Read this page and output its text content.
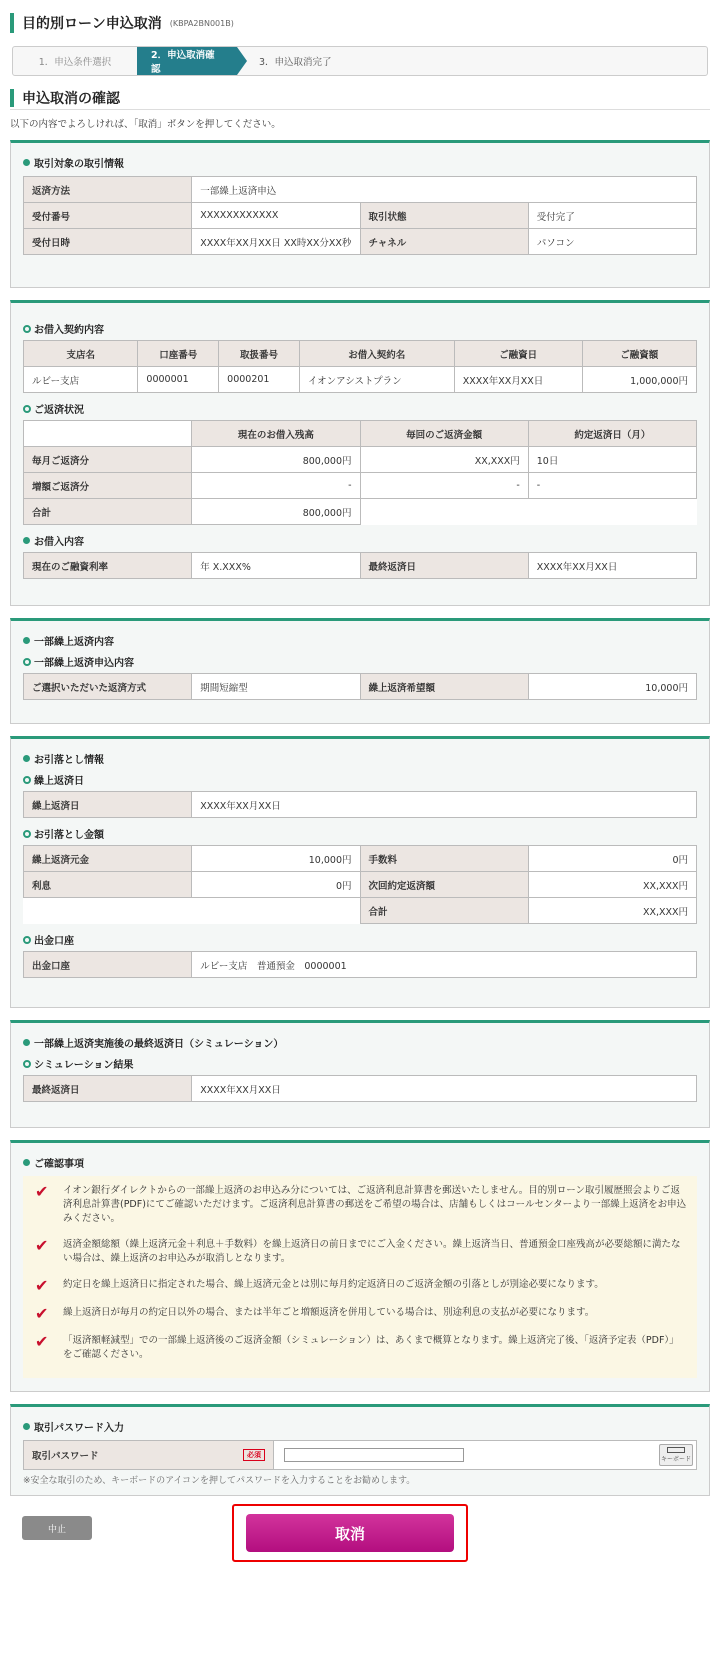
目的別ローン申込取消 (KBPA2BN001B)
1．申込条件選択
2．申込取消確認
3．申込取消完了
申込取消の確認
以下の内容でよろしければ、「取消」ボタンを押してください。
取引対象の取引情報
返済方法	一部繰上返済申込		
受付番号	XXXXXXXXXXXX	取引状態	受付完了
受付日時	XXXX年XX月XX日 XX時XX分XX秒	チャネル	パソコン
お借入契約内容
支店名	口座番号	取扱番号	お借入契約名	ご融資日	ご融資額
ルビー支店	0000001	0000201	イオンアシストプラン	XXXX年XX月XX日	1,000,000円
ご返済状況
	現在のお借入残高	毎回のご返済金額	約定返済日（月）
毎月ご返済分	800,000円	XX,XXX円	10日
増額ご返済分	-	-	-
合計	800,000円		
お借入内容
現在のご融資利率	年 X.XXX%	最終返済日	XXXX年XX月XX日
一部繰上返済内容
一部繰上返済申込内容
ご選択いただいた返済方式	期間短縮型	繰上返済希望額	10,000円
お引落とし情報
繰上返済日
繰上返済日	XXXX年XX月XX日
お引落とし金額
繰上返済元金	10,000円	手数料	0円
利息	0円	次回約定返済額	XX,XXX円
		合計	XX,XXX円
出金口座
出金口座	ルビー支店　普通預金　0000001
一部繰上返済実施後の最終返済日（シミュレーション）
シミュレーション結果
最終返済日	XXXX年XX月XX日
ご確認事項
✔	イオン銀行ダイレクトからの一部繰上返済のお申込み分については、ご返済利息計算書を郵送いたしません。目的別ローン取引履歴照会よりご返済利息計算書(PDF)にてご確認いただけます。ご返済利息計算書の郵送をご希望の場合は、店舗もしくはコールセンターより一部繰上返済をお申込みください。
✔	返済金額総額（繰上返済元金＋利息＋手数料）を繰上返済日の前日までにご入金ください。繰上返済当日、普通預金口座残高が必要総額に満たない場合は、繰上返済のお申込みが取消しとなります。
✔	約定日を繰上返済日に指定された場合、繰上返済元金とは別に毎月約定返済日のご返済金額の引落としが別途必要になります。
✔	繰上返済日が毎月の約定日以外の場合、または半年ごと増額返済を併用している場合は、別途利息の支払が必要になります。
✔	「返済額軽減型」での一部繰上返済後のご返済金額（シミュレーション）は、あくまで概算となります。繰上返済完了後、「返済予定表（PDF）」をご確認ください。
取引パスワード入力
取引パスワード	必須
キーボード
※安全な取引のため、キーボードのアイコンを押してパスワードを入力することをお勧めします。
中止	取消
